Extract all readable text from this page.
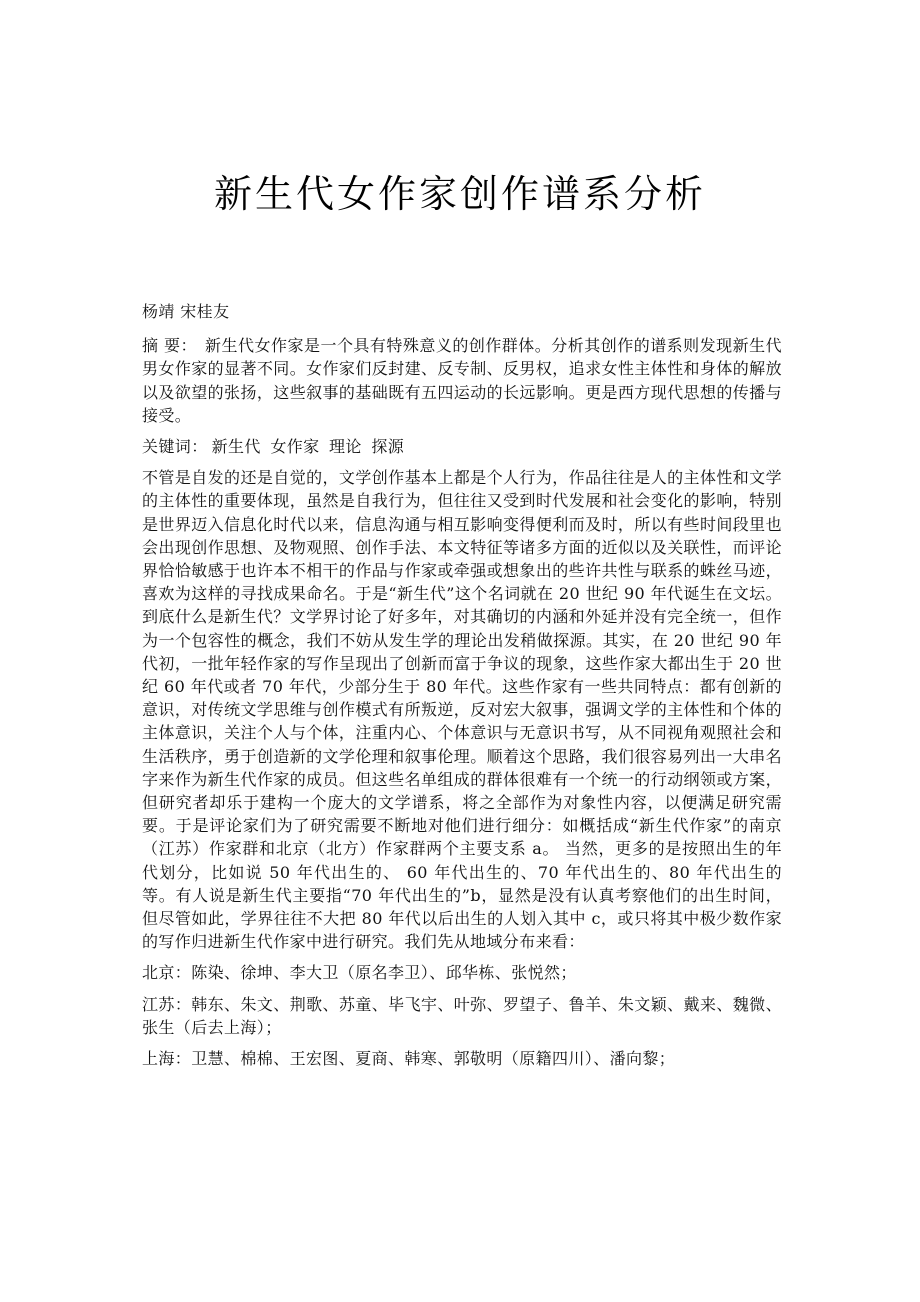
新生代女作家创作谱系分析

杨靖 宋桂友

摘 要： 新生代女作家是一个具有特殊意义的创作群体。分析其创作的谱系则发现新生代男女作家的显著不同。女作家们反封建、反专制、反男权，追求女性主体性和身体的解放以及欲望的张扬，这些叙事的基础既有五四运动的长远影响。更是西方现代思想的传播与接受。

关键词： 新生代 女作家 理论 探源

不管是自发的还是自觉的，文学创作基本上都是个人行为，作品往往是人的主体性和文学的主体性的重要体现，虽然是自我行为，但往往又受到时代发展和社会变化的影响，特别是世界迈入信息化时代以来，信息沟通与相互影响变得便利而及时，所以有些时间段里也会出现创作思想、及物观照、创作手法、本文特征等诸多方面的近似以及关联性，而评论界恰恰敏感于也许本不相干的作品与作家或牵强或想象出的些许共性与联系的蛛丝马迹，喜欢为这样的寻找成果命名。于是“新生代”这个名词就在 20 世纪 90 年代诞生在文坛。到底什么是新生代？文学界讨论了好多年，对其确切的内涵和外延并没有完全统一，但作为一个包容性的概念，我们不妨从发生学的理论出发稍做探源。其实，在 20 世纪 90 年代初，一批年轻作家的写作呈现出了创新而富于争议的现象，这些作家大都出生于 20 世纪 60 年代或者 70 年代，少部分生于 80 年代。这些作家有一些共同特点：都有创新的意识，对传统文学思维与创作模式有所叛逆，反对宏大叙事，强调文学的主体性和个体的主体意识，关注个人与个体，注重内心、个体意识与无意识书写，从不同视角观照社会和生活秩序，勇于创造新的文学伦理和叙事伦理。顺着这个思路，我们很容易列出一大串名字来作为新生代作家的成员。但这些名单组成的群体很难有一个统一的行动纲领或方案，但研究者却乐于建构一个庞大的文学谱系，将之全部作为对象性内容，以便满足研究需要。于是评论家们为了研究需要不断地对他们进行细分：如概括成“新生代作家”的南京（江苏）作家群和北京（北方）作家群两个主要支系 a。 当然，更多的是按照出生的年代划分，比如说 50 年代出生的、 60 年代出生的、70 年代出生的、80 年代出生的等。有人说是新生代主要指“70 年代出生的”b，显然是没有认真考察他们的出生时间，但尽管如此，学界往往不大把 80 年代以后出生的人划入其中 c，或只将其中极少数作家的写作归进新生代作家中进行研究。我们先从地域分布来看：

北京：陈染、徐坤、李大卫（原名李卫）、邱华栋、张悦然；

江苏：韩东、朱文、荆歌、苏童、毕飞宇、叶弥、罗望子、鲁羊、朱文颖、戴来、魏微、张生（后去上海）；

上海：卫慧、棉棉、王宏图、夏商、韩寒、郭敬明（原籍四川）、潘向黎；
